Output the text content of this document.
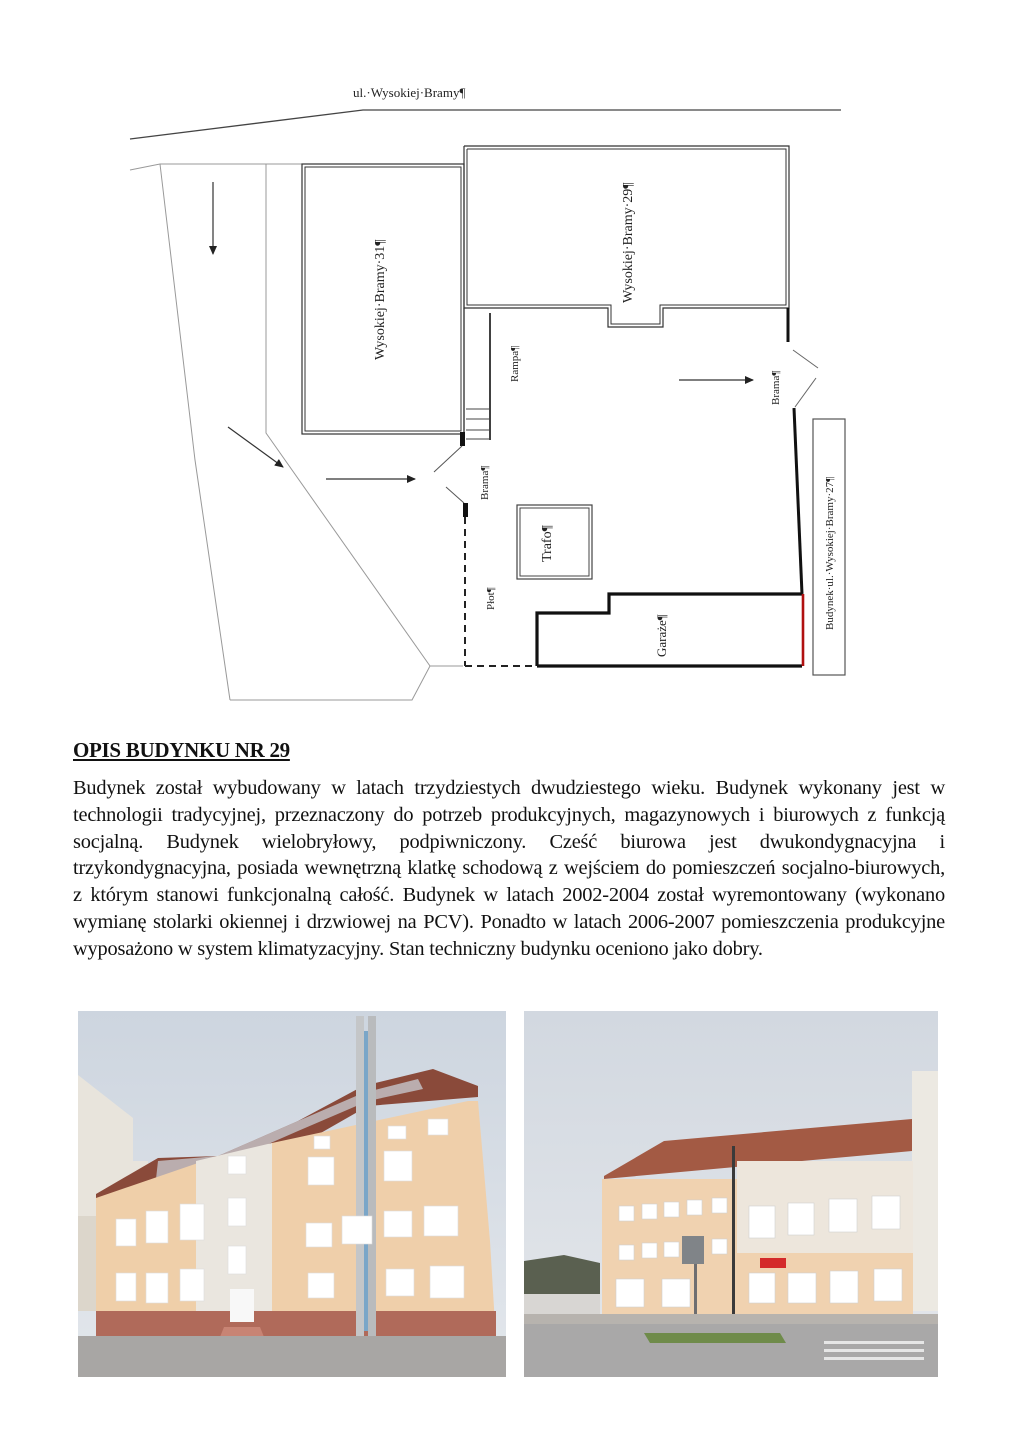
ul.·Wysokiej·Bramy¶
Wysokiej·Bramy·31¶	Wysokiej·Bramy·29¶
Rampa¶
Brama¶
Płot¶
Trafo¶
Garaże¶
Brama¶
Budynek·ul.·Wysokiej·Bramy·27¶
OPIS BUDYNKU NR 29

Budynek został wybudowany w latach trzydziestych dwudziestego wieku. Budynek wykonany jest w technologii tradycyjnej, przeznaczony do potrzeb produkcyjnych, magazynowych i biurowych z funkcją socjalną. Budynek wielobryłowy, podpiwniczony. Cześć biurowa jest dwukondygnacyjna i trzykondygnacyjna, posiada wewnętrzną klatkę schodową z wejściem do pomieszczeń socjalno-biurowych, z którym stanowi funkcjonalną całość. Budynek w latach 2002-2004 został wyremontowany (wykonano wymianę stolarki okiennej i drzwiowej na PCV). Ponadto w latach 2006-2007 pomieszczenia produkcyjne wyposażono w system klimatyzacyjny. Stan techniczny budynku oceniono jako dobry.
